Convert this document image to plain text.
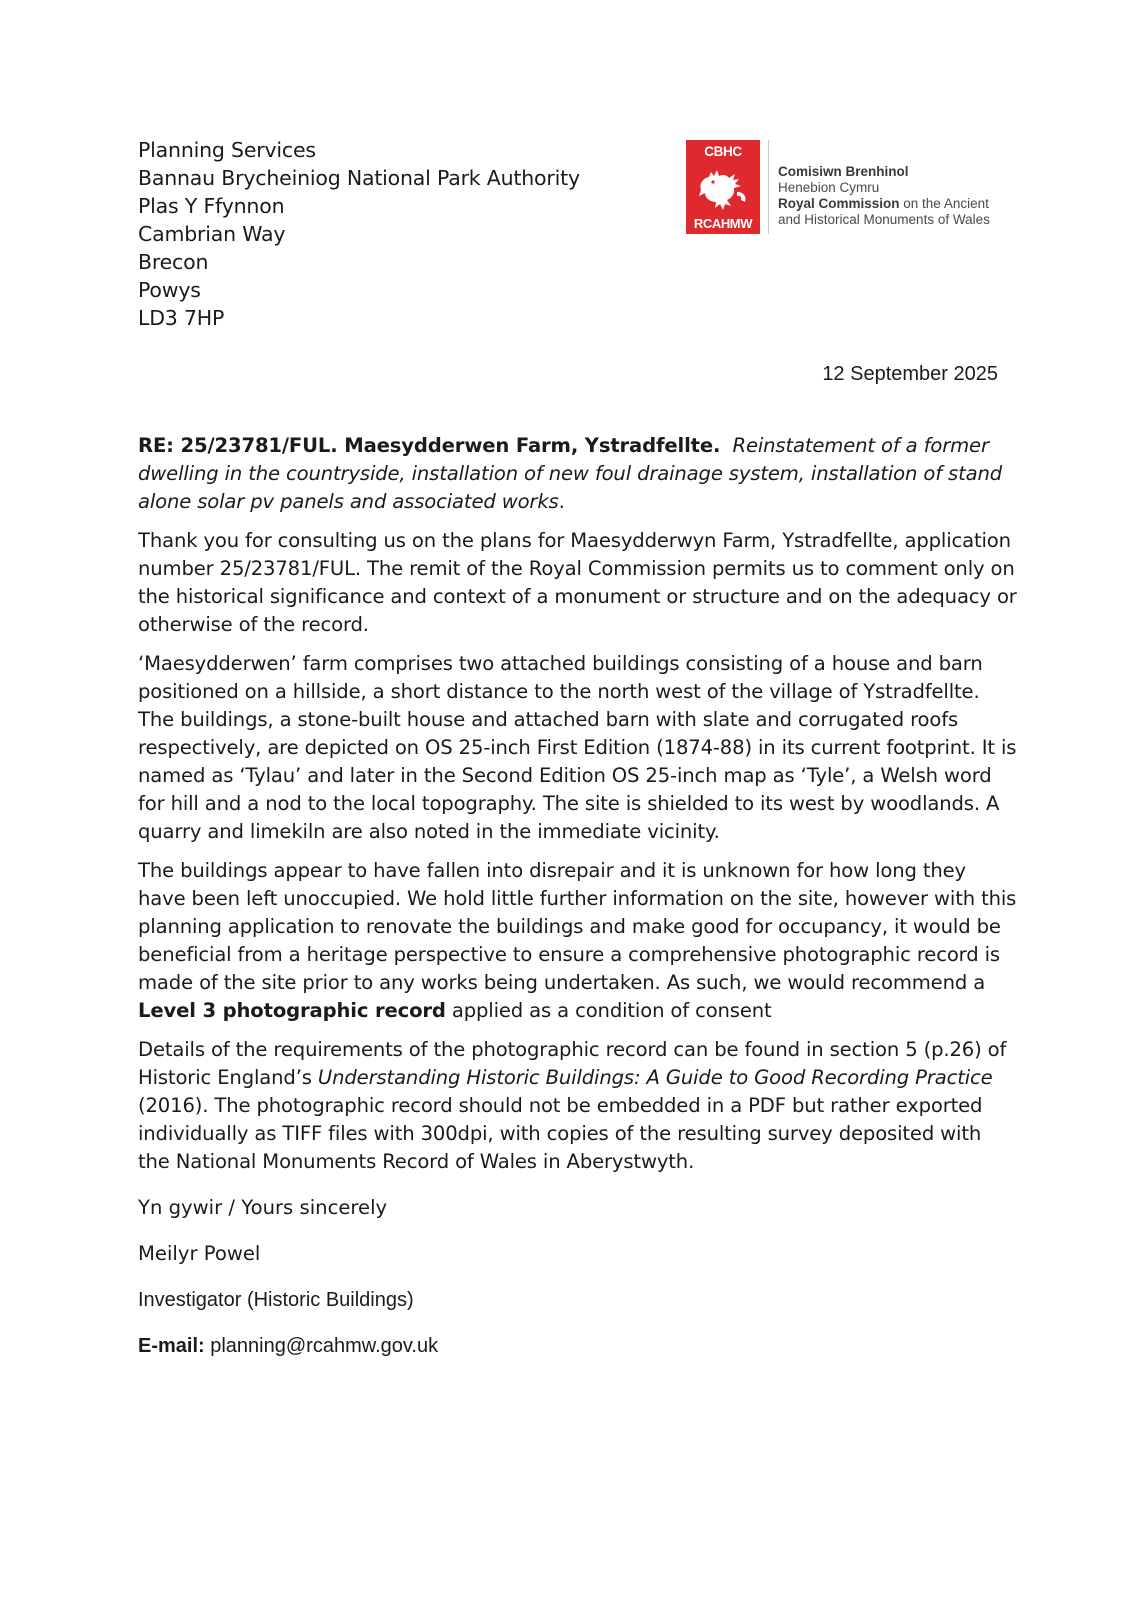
Planning Services
Bannau Brycheiniog National Park Authority
Plas Y Ffynnon
Cambrian Way
Brecon
Powys
LD3 7HP
CBHC
RCAHMW
Comisiwn Brenhinol
Henebion Cymru
Royal Commission on the Ancient
and Historical Monuments of Wales
12 September 2025

RE: 25/23781/FUL. Maesydderwen Farm, Ystradfellte. Reinstatement of a former dwelling in the countryside, installation of new foul drainage system, installation of stand alone solar pv panels and associated works.

Thank you for consulting us on the plans for Maesydderwyn Farm, Ystradfellte, application number 25/23781/FUL. The remit of the Royal Commission permits us to comment only on the historical significance and context of a monument or structure and on the adequacy or otherwise of the record.

‘Maesydderwen’ farm comprises two attached buildings consisting of a house and barn positioned on a hillside, a short distance to the north west of the village of Ystradfellte. The buildings, a stone-built house and attached barn with slate and corrugated roofs respectively, are depicted on OS 25-inch First Edition (1874-88) in its current footprint. It is named as ‘Tylau’ and later in the Second Edition OS 25-inch map as ‘Tyle’, a Welsh word for hill and a nod to the local topography. The site is shielded to its west by woodlands. A quarry and limekiln are also noted in the immediate vicinity.

The buildings appear to have fallen into disrepair and it is unknown for how long they have been left unoccupied. We hold little further information on the site, however with this planning application to renovate the buildings and make good for occupancy, it would be beneficial from a heritage perspective to ensure a comprehensive photographic record is made of the site prior to any works being undertaken. As such, we would recommend a Level 3 photographic record applied as a condition of consent

Details of the requirements of the photographic record can be found in section 5 (p.26) of Historic England’s Understanding Historic Buildings: A Guide to Good Recording Practice (2016). The photographic record should not be embedded in a PDF but rather exported individually as TIFF files with 300dpi, with copies of the resulting survey deposited with the National Monuments Record of Wales in Aberystwyth.

Yn gywir / Yours sincerely
Meilyr Powel
Investigator (Historic Buildings)
E-mail: planning@rcahmw.gov.uk
